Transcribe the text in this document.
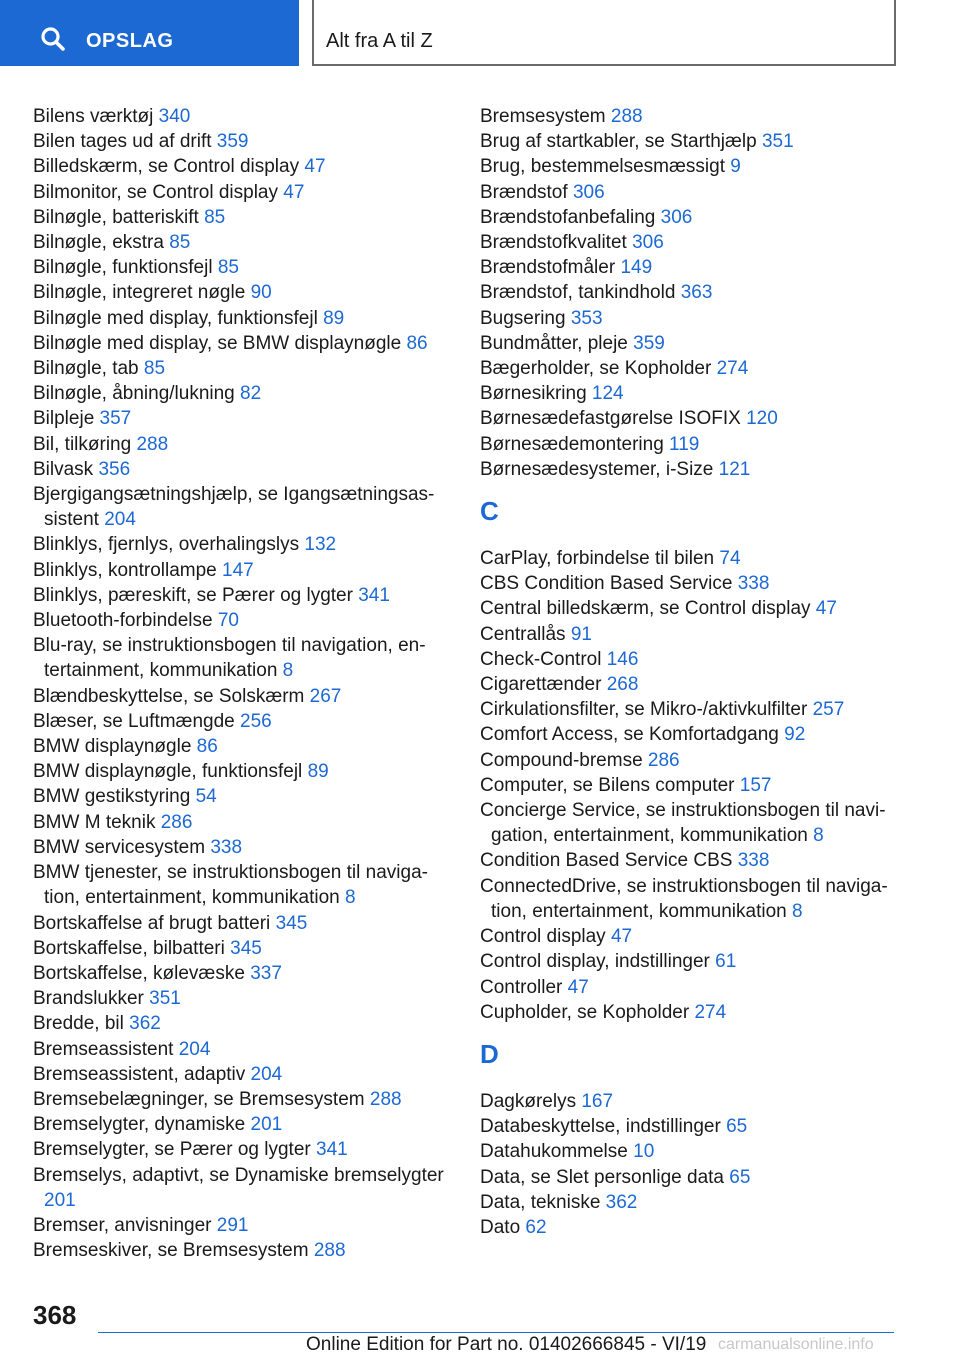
OPSLAG	Alt fra A til Z
Bilens værktøj 340
Bilen tages ud af drift 359
Billedskærm, se Control display 47
Bilmonitor, se Control display 47
Bilnøgle, batteriskift 85
Bilnøgle, ekstra 85
Bilnøgle, funktionsfejl 85
Bilnøgle, integreret nøgle 90
Bilnøgle med display, funktionsfejl 89
Bilnøgle med display, se BMW displaynøgle 86
Bilnøgle, tab 85
Bilnøgle, åbning/lukning 82
Bilpleje 357
Bil, tilkøring 288
Bilvask 356
Bjergigangsætningshjælp, se Igangsætningsassistent 204
Blinklys, fjernlys, overhalingslys 132
Blinklys, kontrollampe 147
Blinklys, pæreskift, se Pærer og lygter 341
Bluetooth-forbindelse 70
Blu-ray, se instruktionsbogen til navigation, entertainment, kommunikation 8
Blændbeskyttelse, se Solskærm 267
Blæser, se Luftmængde 256
BMW displaynøgle 86
BMW displaynøgle, funktionsfejl 89
BMW gestikstyring 54
BMW M teknik 286
BMW servicesystem 338
BMW tjenester, se instruktionsbogen til navigation, entertainment, kommunikation 8
Bortskaffelse af brugt batteri 345
Bortskaffelse, bilbatteri 345
Bortskaffelse, kølevæske 337
Brandslukker 351
Bredde, bil 362
Bremseassistent 204
Bremseassistent, adaptiv 204
Bremsebelægninger, se Bremsesystem 288
Bremselygter, dynamiske 201
Bremselygter, se Pærer og lygter 341
Bremselys, adaptivt, se Dynamiske bremselygter 201
Bremser, anvisninger 291
Bremseskiver, se Bremsesystem 288
Bremsesystem 288
Brug af startkabler, se Starthjælp 351
Brug, bestemmelsesmæssigt 9
Brændstof 306
Brændstofanbefaling 306
Brændstofkvalitet 306
Brændstofmåler 149
Brændstof, tankindhold 363
Bugsering 353
Bundmåtter, pleje 359
Bægerholder, se Kopholder 274
Børnesikring 124
Børnesædefastgørelse ISOFIX 120
Børnesædemontering 119
Børnesædesystemer, i-Size 121
C
CarPlay, forbindelse til bilen 74
CBS Condition Based Service 338
Central billedskærm, se Control display 47
Centrallås 91
Check-Control 146
Cigarettænder 268
Cirkulationsfilter, se Mikro-/aktivkulfilter 257
Comfort Access, se Komfortadgang 92
Compound-bremse 286
Computer, se Bilens computer 157
Concierge Service, se instruktionsbogen til navigation, entertainment, kommunikation 8
Condition Based Service CBS 338
ConnectedDrive, se instruktionsbogen til navigation, entertainment, kommunikation 8
Control display 47
Control display, indstillinger 61
Controller 47
Cupholder, se Kopholder 274
D
Dagkørelys 167
Databeskyttelse, indstillinger 65
Datahukommelse 10
Data, se Slet personlige data 65
Data, tekniske 362
Dato 62
368
Online Edition for Part no. 01402666845 - VI/19 carmanualsonline.info
